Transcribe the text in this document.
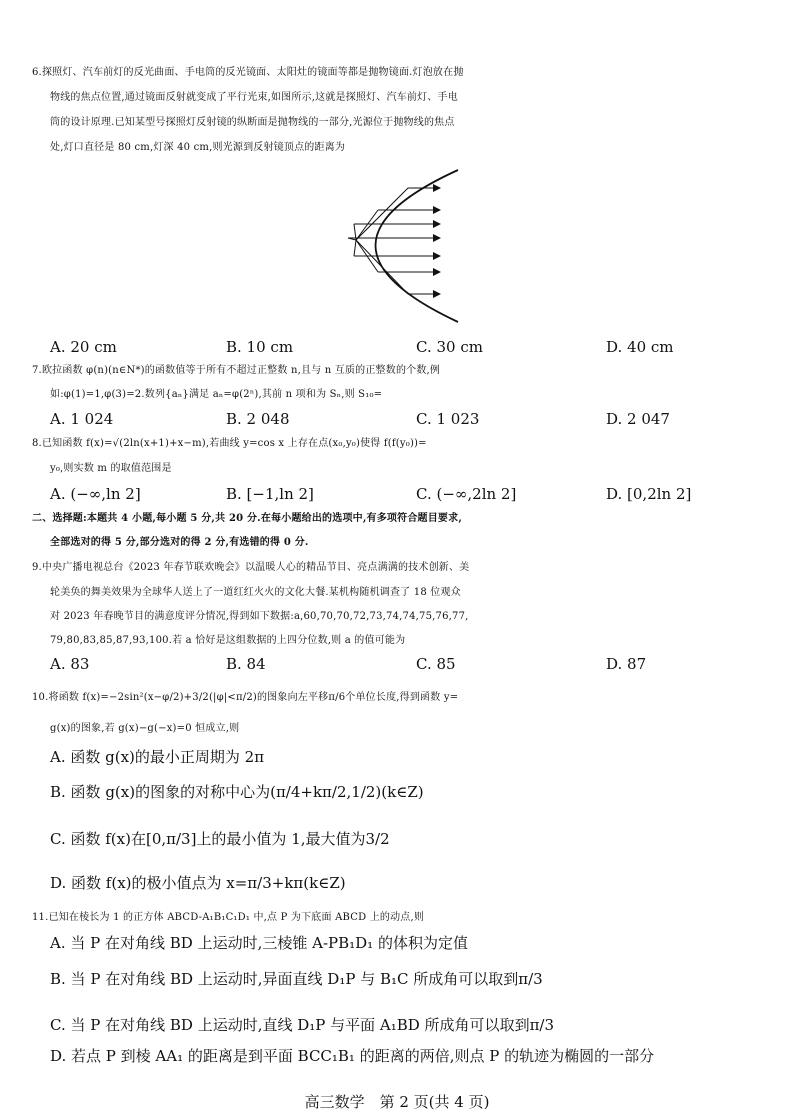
6.探照灯、汽车前灯的反光曲面、手电筒的反光镜面、太阳灶的镜面等都是抛物镜面.灯泡放在抛
物线的焦点位置,通过镜面反射就变成了平行光束,如图所示,这就是探照灯、汽车前灯、手电
筒的设计原理.已知某型号探照灯反射镜的纵断面是抛物线的一部分,光源位于抛物线的焦点
处,灯口直径是 80 cm,灯深 40 cm,则光源到反射镜顶点的距离为
A. 20 cm	B. 10 cm	C. 30 cm	D. 40 cm
7.欧拉函数 φ(n)(n∈N*)的函数值等于所有不超过正整数 n,且与 n 互质的正整数的个数,例
如:φ(1)=1,φ(3)=2.数列{aₙ}满足 aₙ=φ(2ⁿ),其前 n 项和为 Sₙ,则 S₁₀=
A. 1 024	B. 2 048	C. 1 023	D. 2 047
8.已知函数 f(x)=√(2ln(x+1)+x−m),若曲线 y=cos x 上存在点(x₀,y₀)使得 f(f(y₀))=
y₀,则实数 m 的取值范围是
A. (−∞,ln 2]	B. [−1,ln 2]	C. (−∞,2ln 2]	D. [0,2ln 2]
二、选择题:本题共 4 小题,每小题 5 分,共 20 分.在每小题给出的选项中,有多项符合题目要求,
全部选对的得 5 分,部分选对的得 2 分,有选错的得 0 分.
9.中央广播电视总台《2023 年春节联欢晚会》以温暖人心的精品节目、亮点满满的技术创新、美
轮美奂的舞美效果为全球华人送上了一道红红火火的文化大餐.某机构随机调查了 18 位观众
对 2023 年春晚节目的满意度评分情况,得到如下数据:a,60,70,70,72,73,74,74,75,76,77,
79,80,83,85,87,93,100.若 a 恰好是这组数据的上四分位数,则 a 的值可能为
A. 83	B. 84	C. 85	D. 87
10.将函数 f(x)=−2sin²(x−φ/2)+3/2(|φ|<π/2)的图象向左平移π/6个单位长度,得到函数 y=
g(x)的图象,若 g(x)−g(−x)=0 恒成立,则
A. 函数 g(x)的最小正周期为 2π
B. 函数 g(x)的图象的对称中心为(π/4+kπ/2,1/2)(k∈Z)
C. 函数 f(x)在[0,π/3]上的最小值为 1,最大值为3/2
D. 函数 f(x)的极小值点为 x=π/3+kπ(k∈Z)
11.已知在棱长为 1 的正方体 ABCD-A₁B₁C₁D₁ 中,点 P 为下底面 ABCD 上的动点,则
A. 当 P 在对角线 BD 上运动时,三棱锥 A-PB₁D₁ 的体积为定值
B. 当 P 在对角线 BD 上运动时,异面直线 D₁P 与 B₁C 所成角可以取到π/3
C. 当 P 在对角线 BD 上运动时,直线 D₁P 与平面 A₁BD 所成角可以取到π/3
D. 若点 P 到棱 AA₁ 的距离是到平面 BCC₁B₁ 的距离的两倍,则点 P 的轨迹为椭圆的一部分
高三数学　第 2 页(共 4 页)
